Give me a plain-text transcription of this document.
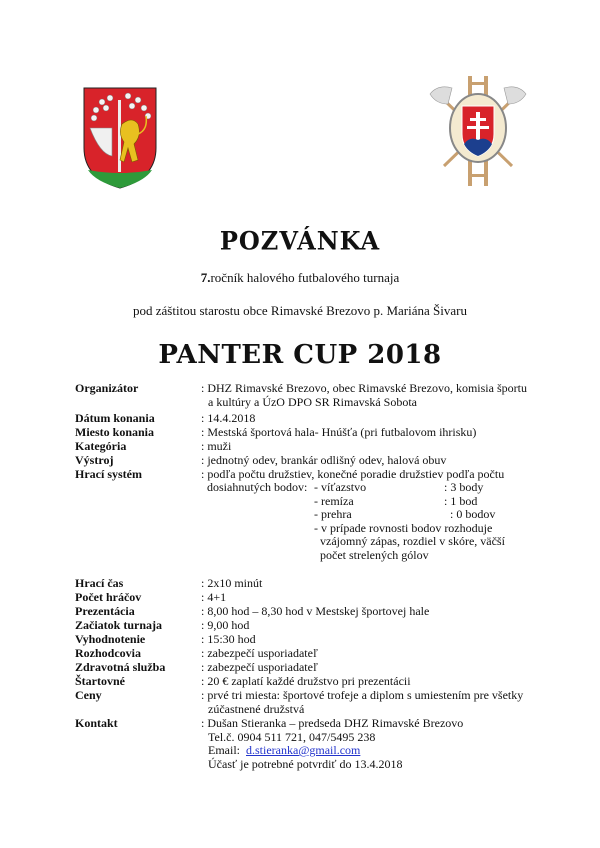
POZVÁNKA
7.ročník halového futbalového turnaja
pod záštitou starostu obce Rimavské Brezovo p. Mariána Šivaru
PANTER CUP 2018
Organizátor	: DHZ Rimavské Brezovo, obec Rimavské Brezovo, komisia športu

a kultúry a ÚzO DPO SR Rimavská Sobota
Dátum konania	: 14.4.2018
Miesto konania	: Mestská športová hala- Hnúšťa (pri futbalovom ihrisku)
Kategória	: muži
Výstroj	: jednotný odev, brankár odlišný odev, halová obuv
Hrací systém	: podľa počtu družstiev, konečné poradie družstiev podľa počtu
dosiahnutých bodov: - víťazstvo	: 3 body
- remíza	: 1 bod
- prehra	: 0 bodov
- v prípade rovnosti bodov rozhoduje
vzájomný zápas, rozdiel v skóre, väčší
počet strelených gólov
Hrací čas	: 2x10 minút
Počet hráčov	: 4+1
Prezentácia	: 8,00 hod – 8,30 hod v Mestskej športovej hale
Začiatok turnaja	: 9,00 hod
Vyhodnotenie	: 15:30 hod
Rozhodcovia	: zabezpečí usporiadateľ
Zdravotná služba	: zabezpečí usporiadateľ
Štartovné	: 20 € zaplatí každé družstvo pri prezentácii
Ceny	: prvé tri miesta: športové trofeje a diplom s umiestením pre všetky

zúčastnené družstvá
Kontakt	: Dušan Stieranka – predseda DHZ Rimavské Brezovo

Tel.č. 0904 511 721, 047/5495 238
Email: d.stieranka@gmail.com
Účasť je potrebné potvrdiť do 13.4.2018
